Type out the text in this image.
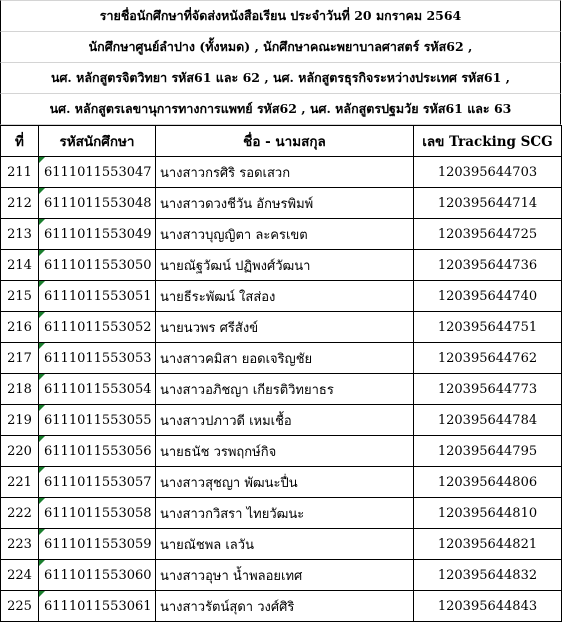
รายชื่อนักศึกษาที่จัดส่งหนังสือเรียน ประจำวันที่ 20 มกราคม 2564
นักศึกษาศูนย์ลำปาง (ทั้งหมด) , นักศึกษาคณะพยาบาลศาสตร์ รหัส62 ,
นศ. หลักสูตรจิตวิทยา รหัส61 และ 62 , นศ. หลักสูตรธุรกิจระหว่างประเทศ รหัส61 ,
นศ. หลักสูตรเลขานุการทางการแพทย์ รหัส62 , นศ. หลักสูตรปฐมวัย รหัส61 และ 63
ที่	รหัสนักศึกษา	ชื่อ - นามสกุล	เลข Tracking SCG
211	6111011553047	นางสาวกรศิริ รอดเสวก	120395644703
212	6111011553048	นางสาวดวงชีวัน อักษรพิมพ์	120395644714
213	6111011553049	นางสาวบุญญิตา ละครเขต	120395644725
214	6111011553050	นายณัฐวัฒน์ ปฏิพงศ์วัฒนา	120395644736
215	6111011553051	นายธีระพัฒน์ ใสส่อง	120395644740
216	6111011553052	นายนวพร ศรีสังข์	120395644751
217	6111011553053	นางสาวคมิสา ยอดเจริญชัย	120395644762
218	6111011553054	นางสาวอภิชญา เกียรติวิทยาธร	120395644773
219	6111011553055	นางสาวปภาวดี เหมเชื้อ	120395644784
220	6111011553056	นายธนัช วรพฤกษ์กิจ	120395644795
221	6111011553057	นางสาวสุชญา พัฒนะปื่น	120395644806
222	6111011553058	นางสาวกวิสรา ไทยวัฒนะ	120395644810
223	6111011553059	นายณัชพล เลวัน	120395644821
224	6111011553060	นางสาวอุษา น้ำพลอยเทศ	120395644832
225	6111011553061	นางสาวรัตน์สุดา วงศ์ศิริ	120395644843
